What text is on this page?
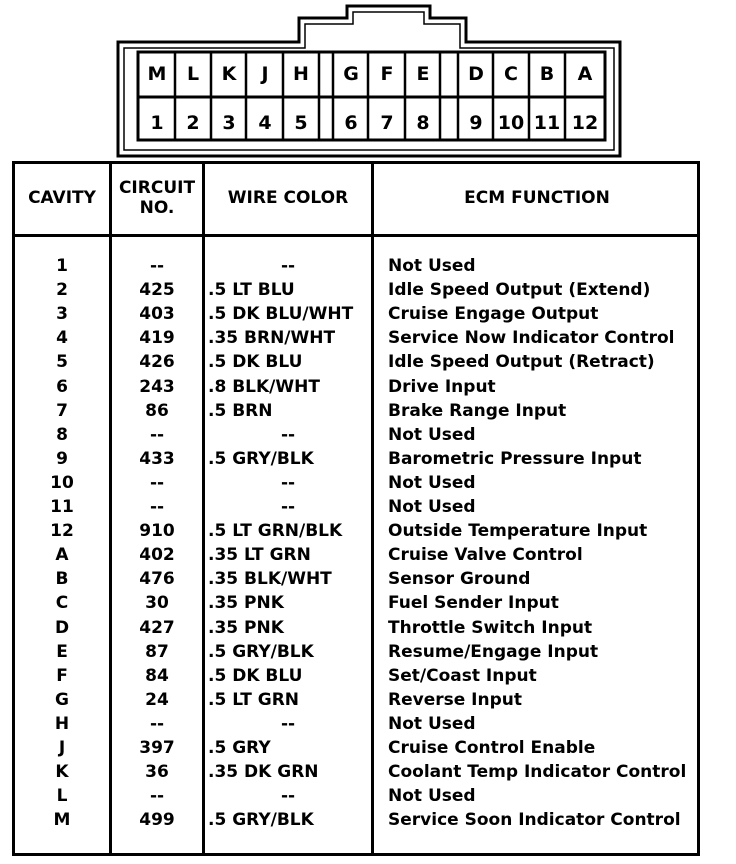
M	L	K	J	H	G	F	E	D	C	B	A
1	2	3	4	5	6	7	8	9 10 11 12
CAVITY	CIRCUIT NO.	WIRE COLOR	ECM FUNCTION
1	--	--	Not Used
2	425	.5 LT BLU	Idle Speed Output (Extend)
3	403	.5 DK BLU/WHT	Cruise Engage Output
4	419	.35 BRN/WHT	Service Now Indicator Control
5	426	.5 DK BLU	Idle Speed Output (Retract)
6	243	.8 BLK/WHT	Drive Input
7	86	.5 BRN	Brake Range Input
8	--	--	Not Used
9	433	.5 GRY/BLK	Barometric Pressure Input
10	--	--	Not Used
11	--	--	Not Used
12	910	.5 LT GRN/BLK	Outside Temperature Input
A	402	.35 LT GRN	Cruise Valve Control
B	476	.35 BLK/WHT	Sensor Ground
C	30	.35 PNK	Fuel Sender Input
D	427	.35 PNK	Throttle Switch Input
E	87	.5 GRY/BLK	Resume/Engage Input
F	84	.5 DK BLU	Set/Coast Input
G	24	.5 LT GRN	Reverse Input
H	--	--	Not Used
J	397	.5 GRY	Cruise Control Enable
K	36	.35 DK GRN	Coolant Temp Indicator Control
L	--	--	Not Used
M	499	.5 GRY/BLK	Service Soon Indicator Control
